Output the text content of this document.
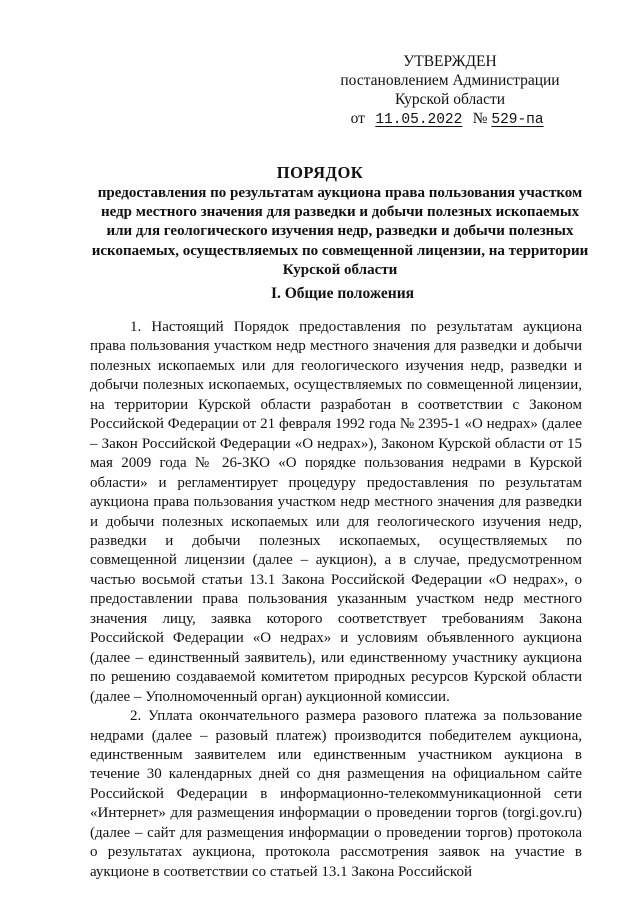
УТВЕРЖДЕН
постановлением Администрации
Курской области
от 11.05.2022 № 529-па
ПОРЯДОК
предоставления по результатам аукциона права пользования участком недр местного значения для разведки и добычи полезных ископаемых или для геологического изучения недр, разведки и добычи полезных ископаемых, осуществляемых по совмещенной лицензии, на территории Курской области
I. Общие положения

1. Настоящий Порядок предоставления по результатам аукциона права пользования участком недр местного значения для разведки и добычи полезных ископаемых или для геологического изучения недр, разведки и добычи полезных ископаемых, осуществляемых по совмещенной лицензии, на территории Курской области разработан в соответствии с Законом Российской Федерации от 21 февраля 1992 года № 2395-1 «О недрах» (далее – Закон Российской Федерации «О недрах»), Законом Курской области от 15 мая 2009 года № 26-ЗКО «О порядке пользования недрами в Курской области» и регламентирует процедуру предоставления по результатам аукциона права пользования участком недр местного значения для разведки и добычи полезных ископаемых или для геологического изучения недр, разведки и добычи полезных ископаемых, осуществляемых по совмещенной лицензии (далее – аукцион), а в случае, предусмотренном частью восьмой статьи 13.1 Закона Российской Федерации «О недрах», о предоставлении права пользования указанным участком недр местного значения лицу, заявка которого соответствует требованиям Закона Российской Федерации «О недрах» и условиям объявленного аукциона (далее – единственный заявитель), или единственному участнику аукциона по решению создаваемой комитетом природных ресурсов Курской области (далее – Уполномоченный орган) аукционной комиссии.

2. Уплата окончательного размера разового платежа за пользование недрами (далее – разовый платеж) производится победителем аукциона, единственным заявителем или единственным участником аукциона в течение 30 календарных дней со дня размещения на официальном сайте Российской Федерации в информационно-телекоммуникационной сети «Интернет» для размещения информации о проведении торгов (torgi.gov.ru) (далее – сайт для размещения информации о проведении торгов) протокола о результатах аукциона, протокола рассмотрения заявок на участие в аукционе в соответствии со статьей 13.1 Закона Российской
